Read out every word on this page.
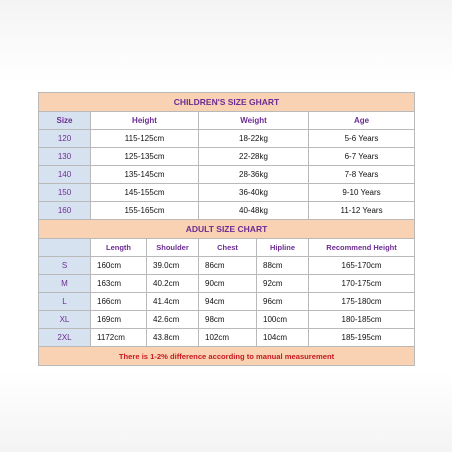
CHILDREN'S SIZE GHART					
Size	Height		Weight		Age
120	115-125cm		18-22kg		5-6 Years
130	125-135cm		22-28kg		6-7 Years
140	135-145cm		28-36kg		7-8 Years
150	145-155cm		36-40kg		9-10 Years
160	155-165cm		40-48kg		11-12 Years
ADULT SIZE CHART					
	Length	Shoulder	Chest	Hipline	Recommend Height
S	160cm	39.0cm	86cm	88cm	165-170cm
M	163cm	40.2cm	90cm	92cm	170-175cm
L	166cm	41.4cm	94cm	96cm	175-180cm
XL	169cm	42.6cm	98cm	100cm	180-185cm
2XL	1172cm	43.8cm	102cm	104cm	185-195cm
There is 1-2% difference according to manual measurement					
